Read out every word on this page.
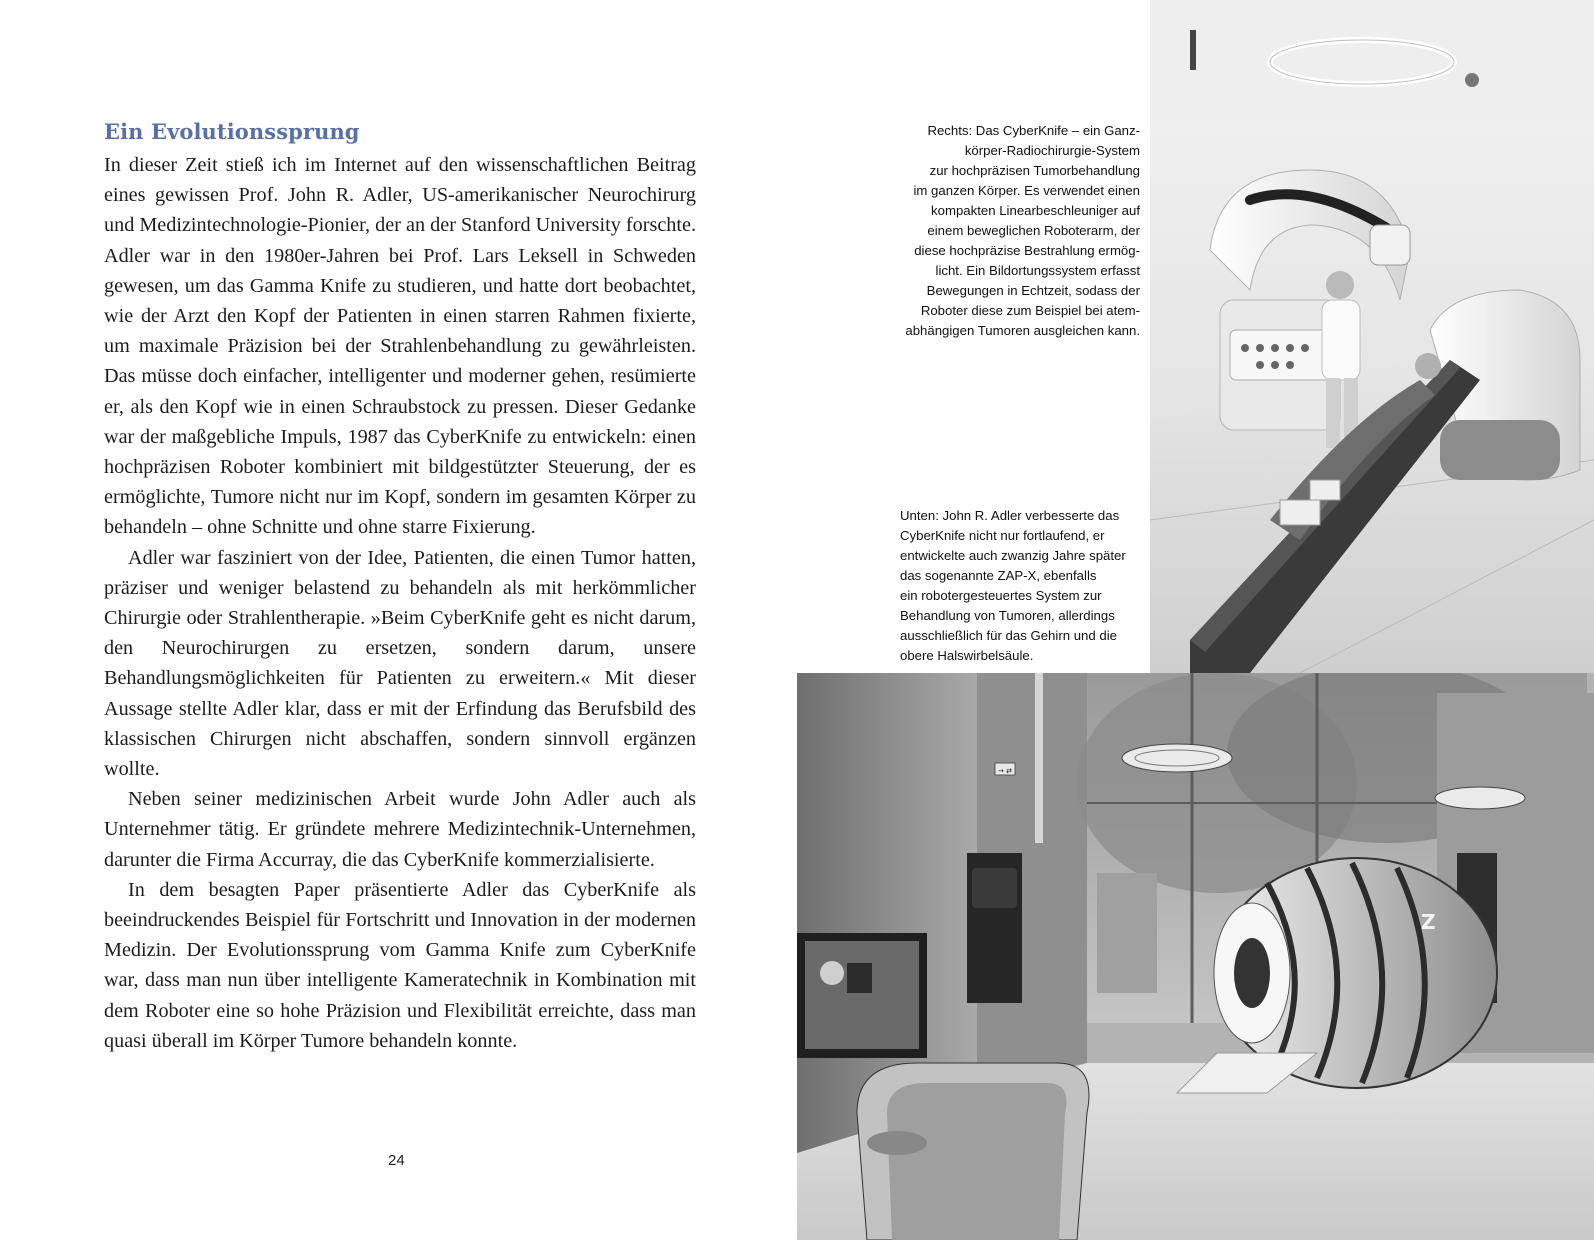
Ein Evolutionssprung

In dieser Zeit stieß ich im Internet auf den wissenschaftlichen Beitrag eines gewissen Prof. John R. Adler, US-amerikanischer Neurochirurg und Medizintechnologie-Pionier, der an der Stanford University forschte. Adler war in den 1980er-Jahren bei Prof. Lars Leksell in Schweden gewesen, um das Gamma Knife zu studieren, und hatte dort beobachtet, wie der Arzt den Kopf der Patienten in einen starren Rahmen fixierte, um maximale Präzision bei der Strahlenbehandlung zu gewährleisten. Das müsse doch einfacher, intelligenter und moderner gehen, resümierte er, als den Kopf wie in einen Schraubstock zu pressen. Dieser Gedanke war der maßgebliche Impuls, 1987 das CyberKnife zu entwickeln: einen hochpräzisen Roboter kombiniert mit bildgestützter Steuerung, der es ermöglichte, Tumore nicht nur im Kopf, sondern im gesamten Körper zu behandeln – ohne Schnitte und ohne starre Fixierung.

Adler war fasziniert von der Idee, Patienten, die einen Tumor hatten, präziser und weniger belastend zu behandeln als mit herkömmlicher Chirurgie oder Strahlentherapie. »Beim CyberKnife geht es nicht darum, den Neurochirurgen zu ersetzen, sondern darum, unsere Behandlungsmöglichkeiten für Patienten zu erweitern.« Mit dieser Aussage stellte Adler klar, dass er mit der Erfindung das Berufsbild des klassischen Chirurgen nicht abschaffen, sondern sinnvoll ergänzen wollte.

Neben seiner medizinischen Arbeit wurde John Adler auch als Unternehmer tätig. Er gründete mehrere Medizintechnik-Unternehmen, darunter die Firma Accurray, die das CyberKnife kommerzialisierte.

In dem besagten Paper präsentierte Adler das CyberKnife als beeindruckendes Beispiel für Fortschritt und Innovation in der modernen Medizin. Der Evolutionssprung vom Gamma Knife zum CyberKnife war, dass man nun über intelligente Kameratechnik in Kombination mit dem Roboter eine so hohe Präzision und Flexibilität erreichte, dass man quasi überall im Körper Tumore behandeln konnte.

24

Rechts: Das CyberKnife – ein Ganz-
körper-Radiochirurgie-System
zur hochpräzisen Tumorbehandlung
im ganzen Körper. Es verwendet einen
kompakten Linearbeschleuniger auf
einem beweglichen Roboterarm, der
diese hochpräzise Bestrahlung ermög-
licht. Ein Bildortungssystem erfasst
Bewegungen in Echtzeit, sodass der
Roboter diese zum Beispiel bei atem-
abhängigen Tumoren ausgleichen kann.

Unten: John R. Adler verbesserte das
CyberKnife nicht nur fortlaufend, er
entwickelte auch zwanzig Jahre später
das sogenannte ZAP-X, ebenfalls
ein robotergesteuertes System zur
Behandlung von Tumoren, allerdings
ausschließlich für das Gehirn und die
obere Halswirbelsäule.

→ ⇄
Z
